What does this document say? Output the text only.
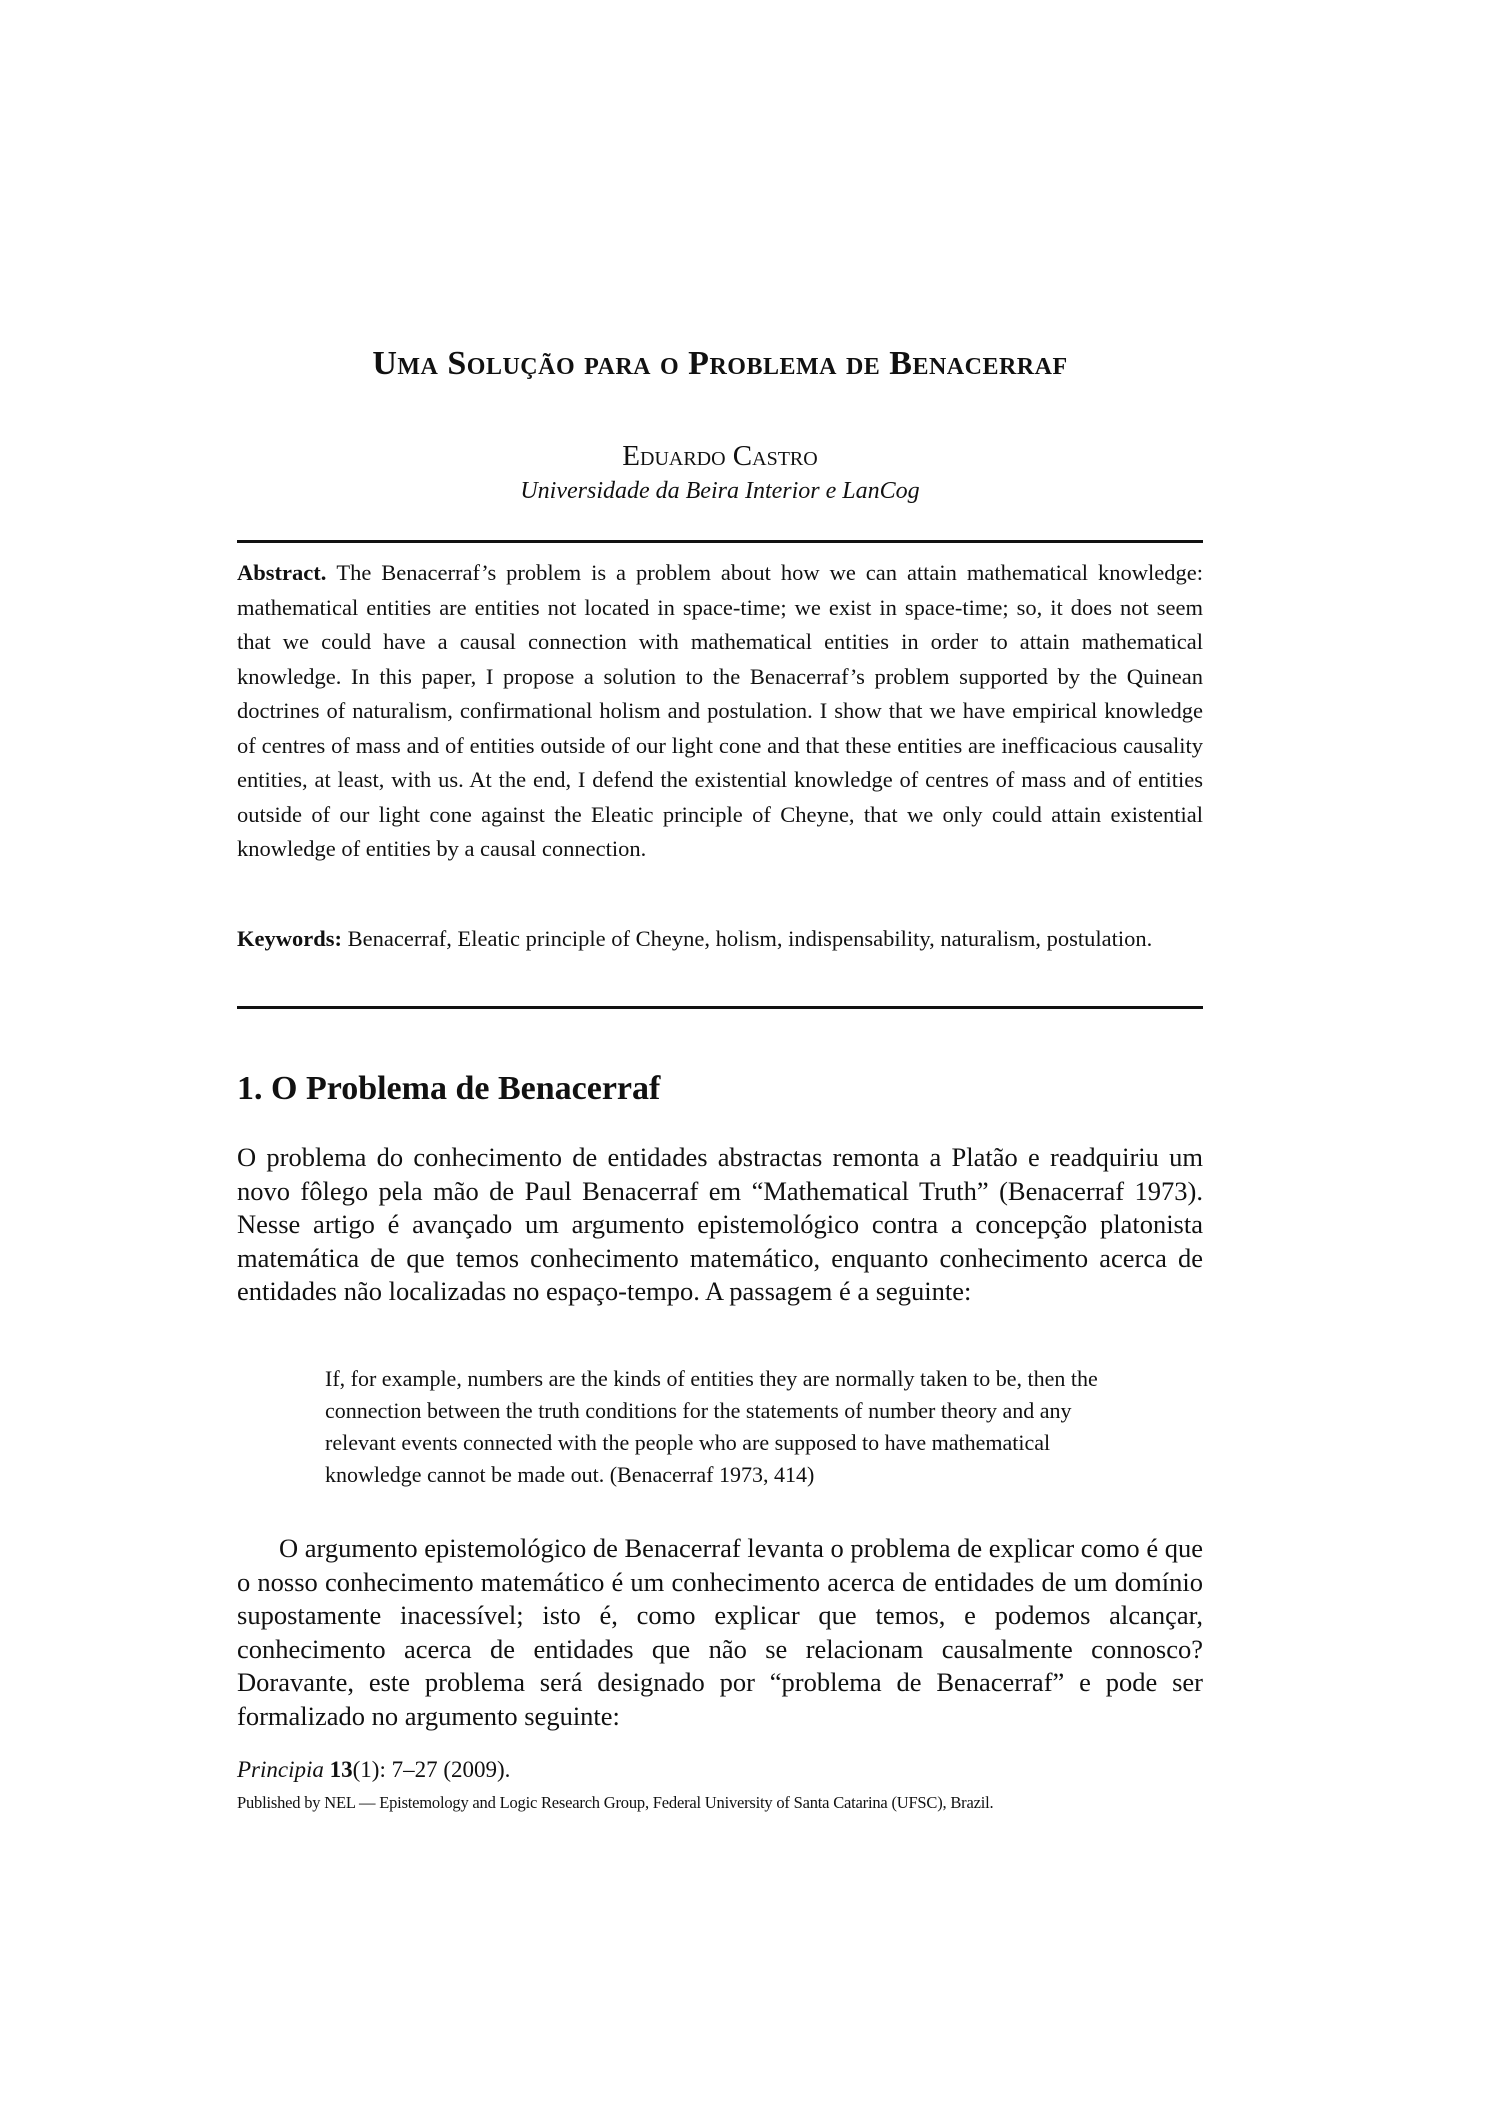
Uma Solução para o Problema de Benacerraf
Eduardo Castro
Universidade da Beira Interior e LanCog
Abstract. The Benacerraf’s problem is a problem about how we can attain mathematical knowledge: mathematical entities are entities not located in space-time; we exist in space-time; so, it does not seem that we could have a causal connection with mathematical entities in order to attain mathematical knowledge. In this paper, I propose a solution to the Benacerraf’s problem supported by the Quinean doctrines of naturalism, confirmational holism and postulation. I show that we have empirical knowledge of centres of mass and of entities outside of our light cone and that these entities are inefficacious causality entities, at least, with us. At the end, I defend the existential knowledge of centres of mass and of entities outside of our light cone against the Eleatic principle of Cheyne, that we only could attain existential knowledge of entities by a causal connection.
Keywords: Benacerraf, Eleatic principle of Cheyne, holism, indispensability, naturalism, postulation.
1. O Problema de Benacerraf
O problema do conhecimento de entidades abstractas remonta a Platão e readquiriu um novo fôlego pela mão de Paul Benacerraf em “Mathematical Truth” (Benacerraf 1973). Nesse artigo é avançado um argumento epistemológico contra a concepção platonista matemática de que temos conhecimento matemático, enquanto conhecimento acerca de entidades não localizadas no espaço-tempo. A passagem é a seguinte:
If, for example, numbers are the kinds of entities they are normally taken to be, then the connection between the truth conditions for the statements of number theory and any relevant events connected with the people who are supposed to have mathematical knowledge cannot be made out. (Benacerraf 1973, 414)
O argumento epistemológico de Benacerraf levanta o problema de explicar como é que o nosso conhecimento matemático é um conhecimento acerca de entidades de um domínio supostamente inacessível; isto é, como explicar que temos, e podemos alcançar, conhecimento acerca de entidades que não se relacionam causalmente connosco? Doravante, este problema será designado por “problema de Benacerraf” e pode ser formalizado no argumento seguinte:
Principia 13(1): 7–27 (2009).
Published by NEL — Epistemology and Logic Research Group, Federal University of Santa Catarina (UFSC), Brazil.
